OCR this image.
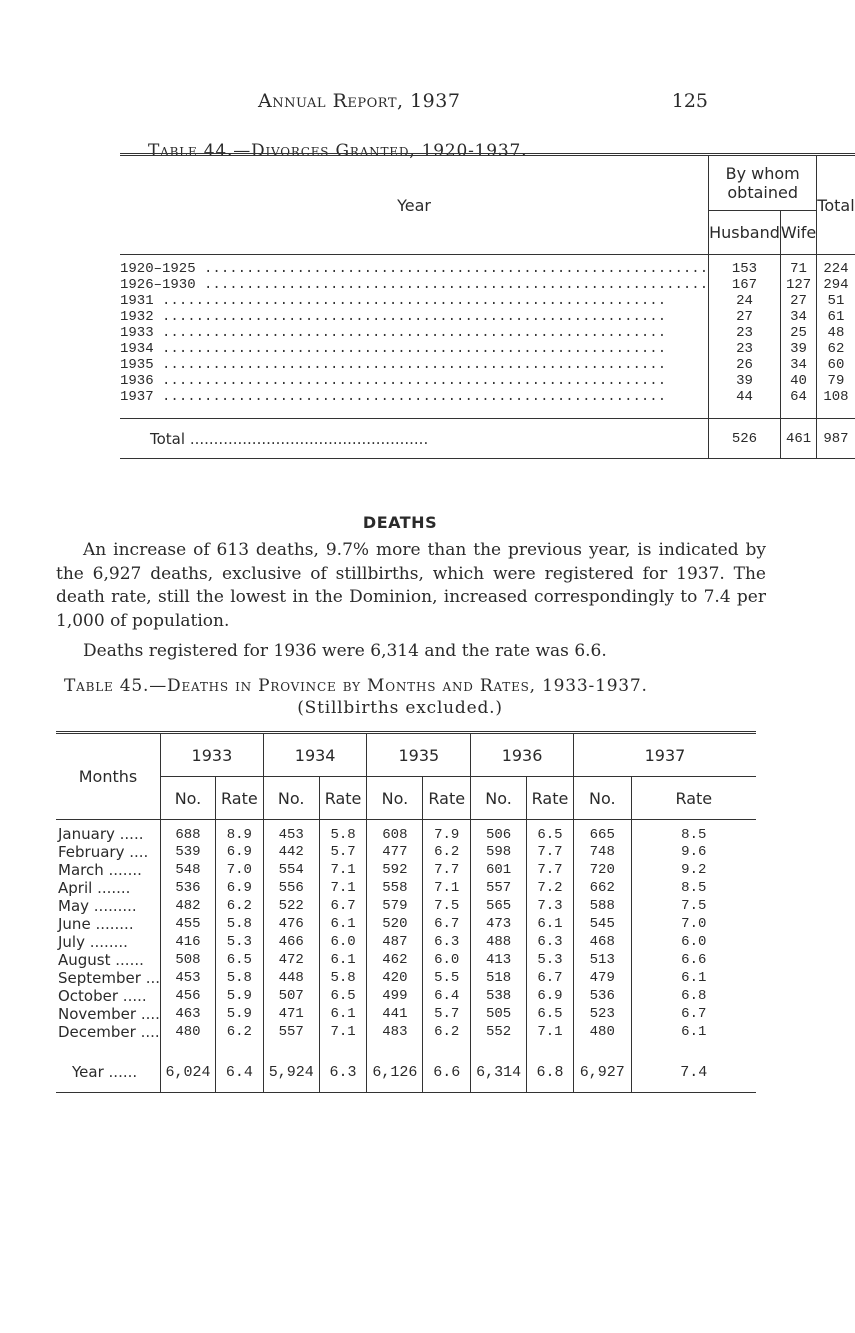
Annual Report, 1937	125
Table 44.—Divorces Granted, 1920-1937.
Year	By whom obtained		Total
	Husband	Wife	
1920–1925 ............................................................	153	71	224
1926–1930 ............................................................	167	127	294
1931 ............................................................	24	27	51
1932 ............................................................	27	34	61
1933 ............................................................	23	25	48
1934 ............................................................	23	39	62
1935 ............................................................	26	34	60
1936 ............................................................	39	40	79
1937 ............................................................	44	64	108

Total ..................................................	526	461	987
DEATHS

An increase of 613 deaths, 9.7% more than the previous year, is indicated by the 6,927 deaths, exclusive of stillbirths, which were registered for 1937. The death rate, still the lowest in the Dominion, increased correspondingly to 7.4 per 1,000 of population.

Deaths registered for 1936 were 6,314 and the rate was 6.6.

Table 45.—Deaths in Province by Months and Rates, 1933-1937.
(Stillbirths excluded.)
Months	1933		1934		1935		1936		1937	
	No.	Rate	No.	Rate	No.	Rate	No.	Rate	No.	Rate
January .....	688	8.9	453	5.8	608	7.9	506	6.5	665	8.5
February ....	539	6.9	442	5.7	477	6.2	598	7.7	748	9.6
March .......	548	7.0	554	7.1	592	7.7	601	7.7	720	9.2
April .......	536	6.9	556	7.1	558	7.1	557	7.2	662	8.5
May .........	482	6.2	522	6.7	579	7.5	565	7.3	588	7.5
June ........	455	5.8	476	6.1	520	6.7	473	6.1	545	7.0
July ........	416	5.3	466	6.0	487	6.3	488	6.3	468	6.0
August ......	508	6.5	472	6.1	462	6.0	413	5.3	513	6.6
September ...	453	5.8	448	5.8	420	5.5	518	6.7	479	6.1
October .....	456	5.9	507	6.5	499	6.4	538	6.9	536	6.8
November ....	463	5.9	471	6.1	441	5.7	505	6.5	523	6.7
December ....	480	6.2	557	7.1	483	6.2	552	7.1	480	6.1

Year ......	6,024	6.4	5,924	6.3	6,126	6.6	6,314	6.8	6,927	7.4
